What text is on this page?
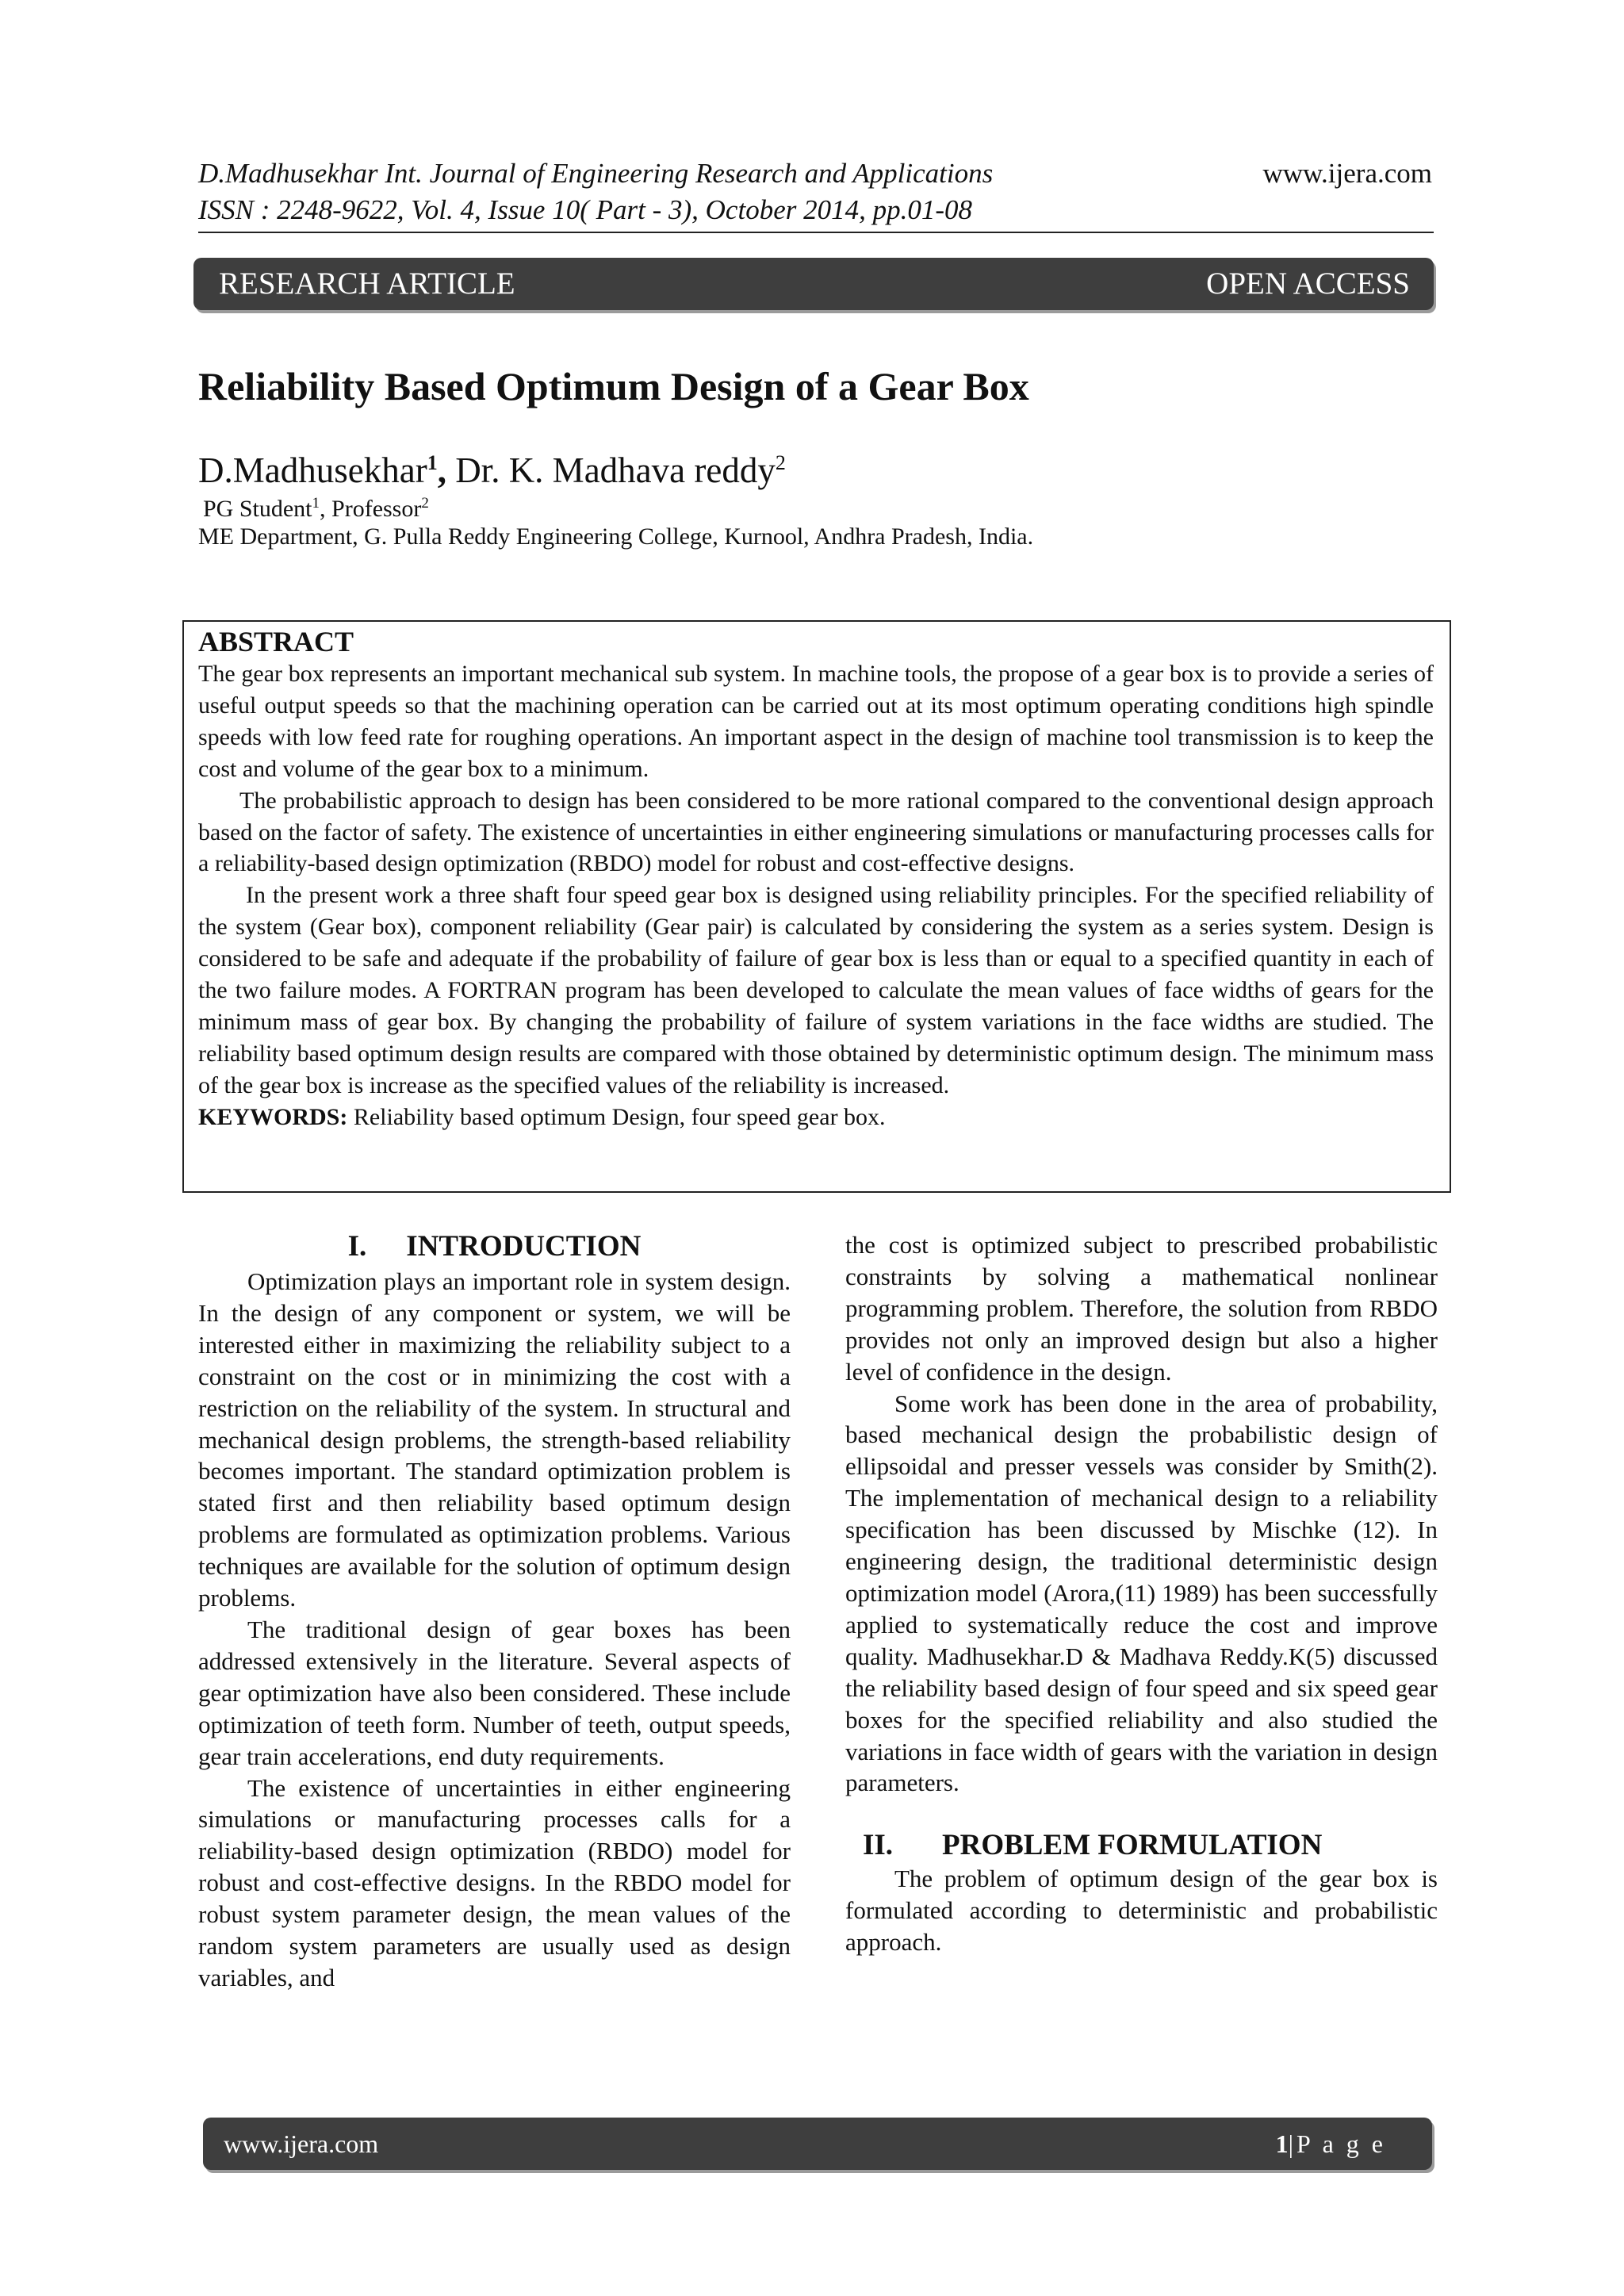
D.Madhusekhar Int. Journal of Engineering Research and Applications
ISSN : 2248-9622, Vol. 4, Issue 10( Part - 3), October 2014, pp.01-08
www.ijera.com
RESEARCH ARTICLE	OPEN ACCESS
Reliability Based Optimum Design of a Gear Box
D.Madhusekhar$^1$, Dr. K. Madhava reddy$^2$
PG Student$^1$, Professor$^2$
ME Department, G. Pulla Reddy Engineering College, Kurnool, Andhra Pradesh, India.
ABSTRACT

The gear box represents an important mechanical sub system. In machine tools, the propose of a gear box is to provide a series of useful output speeds so that the machining operation can be carried out at its most optimum operating conditions high spindle speeds with low feed rate for roughing operations. An important aspect in the design of machine tool transmission is to keep the cost and volume of the gear box to a minimum.

The probabilistic approach to design has been considered to be more rational compared to the conventional design approach based on the factor of safety. The existence of uncertainties in either engineering simulations or manufacturing processes calls for a reliability-based design optimization (RBDO) model for robust and cost-effective designs.

In the present work a three shaft four speed gear box is designed using reliability principles. For the specified reliability of the system (Gear box), component reliability (Gear pair) is calculated by considering the system as a series system. Design is considered to be safe and adequate if the probability of failure of gear box is less than or equal to a specified quantity in each of the two failure modes. A FORTRAN program has been developed to calculate the mean values of face widths of gears for the minimum mass of gear box. By changing the probability of failure of system variations in the face widths are studied. The reliability based optimum design results are compared with those obtained by deterministic optimum design. The minimum mass of the gear box is increase as the specified values of the reliability is increased.

KEYWORDS: Reliability based optimum Design, four speed gear box.

I. INTRODUCTION

Optimization plays an important role in system design. In the design of any component or system, we will be interested either in maximizing the reliability subject to a constraint on the cost or in minimizing the cost with a restriction on the reliability of the system. In structural and mechanical design problems, the strength-based reliability becomes important. The standard optimization problem is stated first and then reliability based optimum design problems are formulated as optimization problems. Various techniques are available for the solution of optimum design problems.

The traditional design of gear boxes has been addressed extensively in the literature. Several aspects of gear optimization have also been considered. These include optimization of teeth form. Number of teeth, output speeds, gear train accelerations, end duty requirements.

The existence of uncertainties in either engineering simulations or manufacturing processes calls for a reliability-based design optimization (RBDO) model for robust and cost-effective designs. In the RBDO model for robust system parameter design, the mean values of the random system parameters are usually used as design variables, and

the cost is optimized subject to prescribed probabilistic constraints by solving a mathematical nonlinear programming problem. Therefore, the solution from RBDO provides not only an improved design but also a higher level of confidence in the design.

Some work has been done in the area of probability, based mechanical design the probabilistic design of ellipsoidal and presser vessels was consider by Smith(2). The implementation of mechanical design to a reliability specification has been discussed by Mischke (12). In engineering design, the traditional deterministic design optimization model (Arora,(11) 1989) has been successfully applied to systematically reduce the cost and improve quality. Madhusekhar.D & Madhava Reddy.K(5) discussed the reliability based design of four speed and six speed gear boxes for the specified reliability and also studied the variations in face width of gears with the variation in design parameters.

II. PROBLEM FORMULATION

The problem of optimum design of the gear box is formulated according to deterministic and probabilistic approach.

www.ijera.com	1|P a g e
